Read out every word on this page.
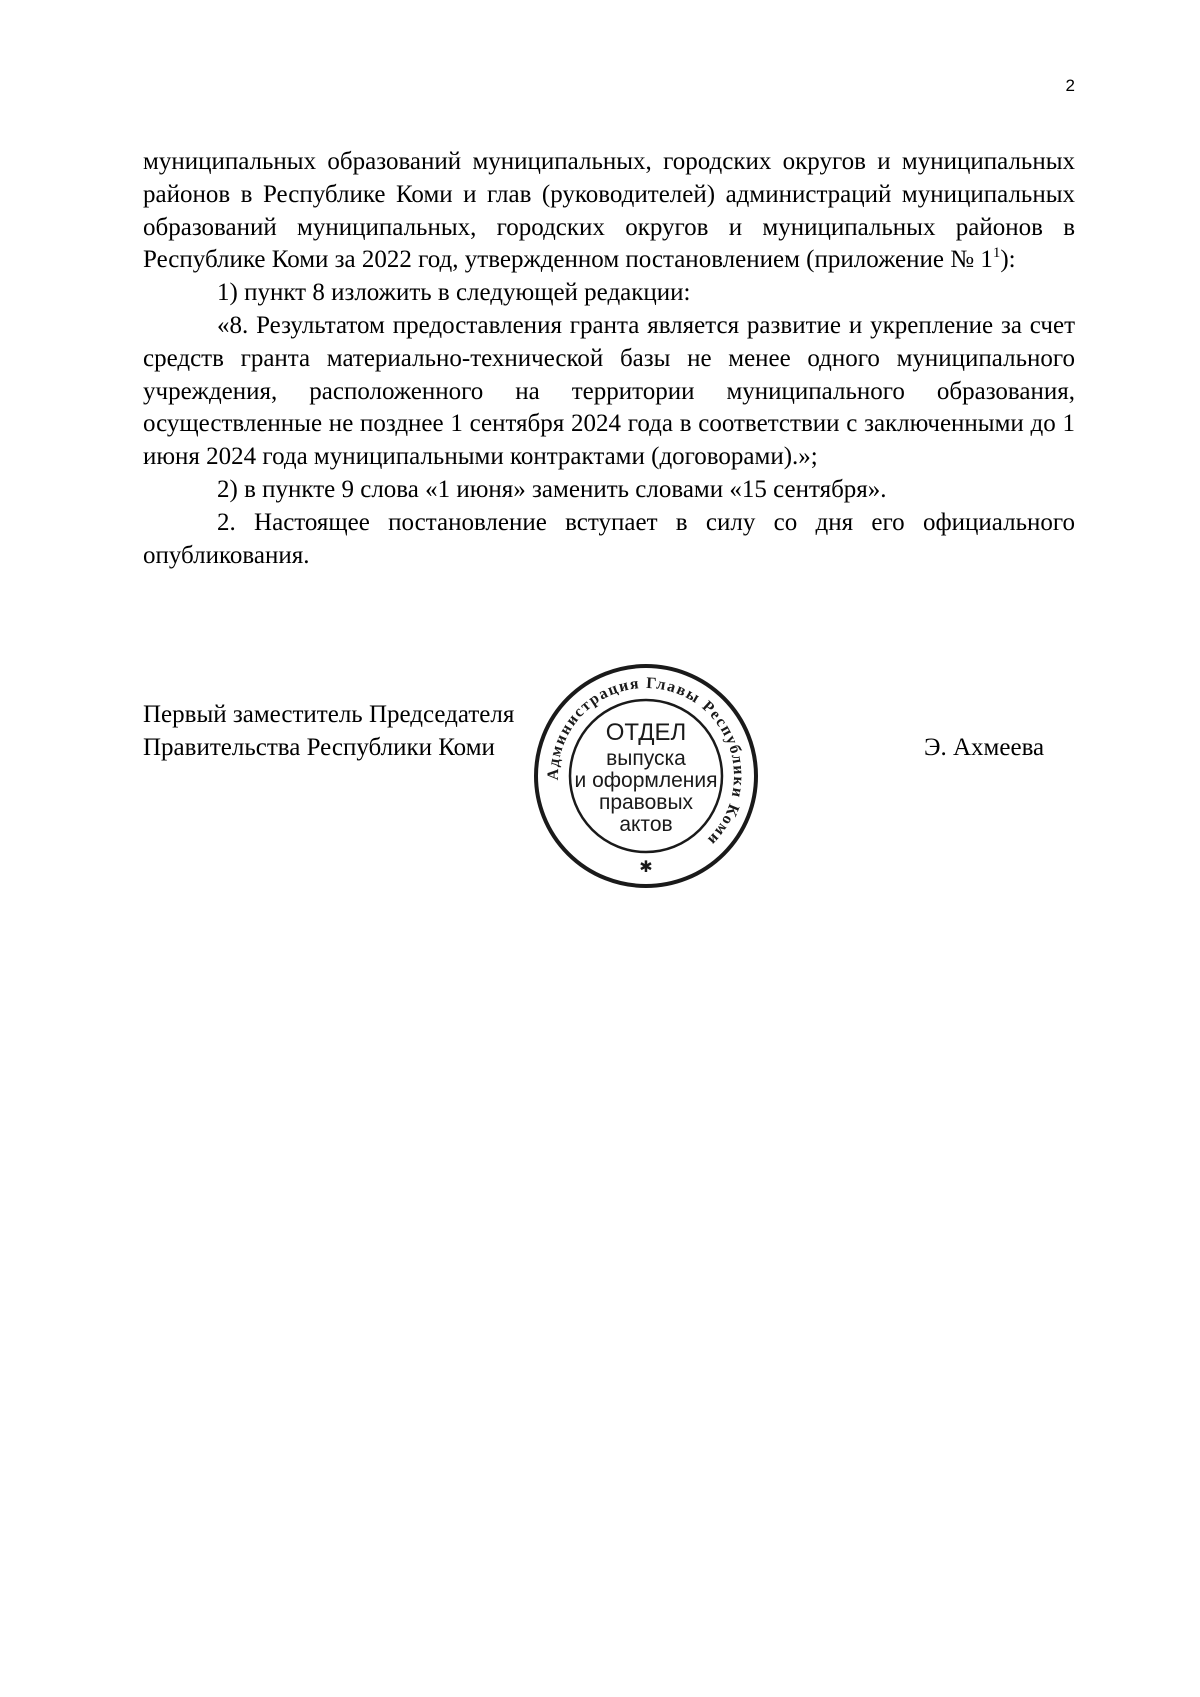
2

муниципальных образований муниципальных, городских округов и муниципальных районов в Республике Коми и глав (руководителей) администраций муниципальных образований муниципальных, городских округов и муниципальных районов в Республике Коми за 2022 год, утвержденном постановлением (приложение № $1^1$):

1) пункт 8 изложить в следующей редакции:

«8. Результатом предоставления гранта является развитие и укрепление за счет средств гранта материально-технической базы не менее одного муниципального учреждения, расположенного на территории муниципального образования, осуществленные не позднее 1 сентября 2024 года в соответствии с заключенными до 1 июня 2024 года муниципальными контрактами (договорами).»;

2) в пункте 9 слова «1 июня» заменить словами «15 сентября».

2. Настоящее постановление вступает в силу со дня его официального опубликования.

Первый заместитель Председателя
Правительства Республики Коми	Э. Ахмеева
Администрация Главы Республики Коми
✱
ОТДЕЛ
выпуска
и оформления
правовых
актов
